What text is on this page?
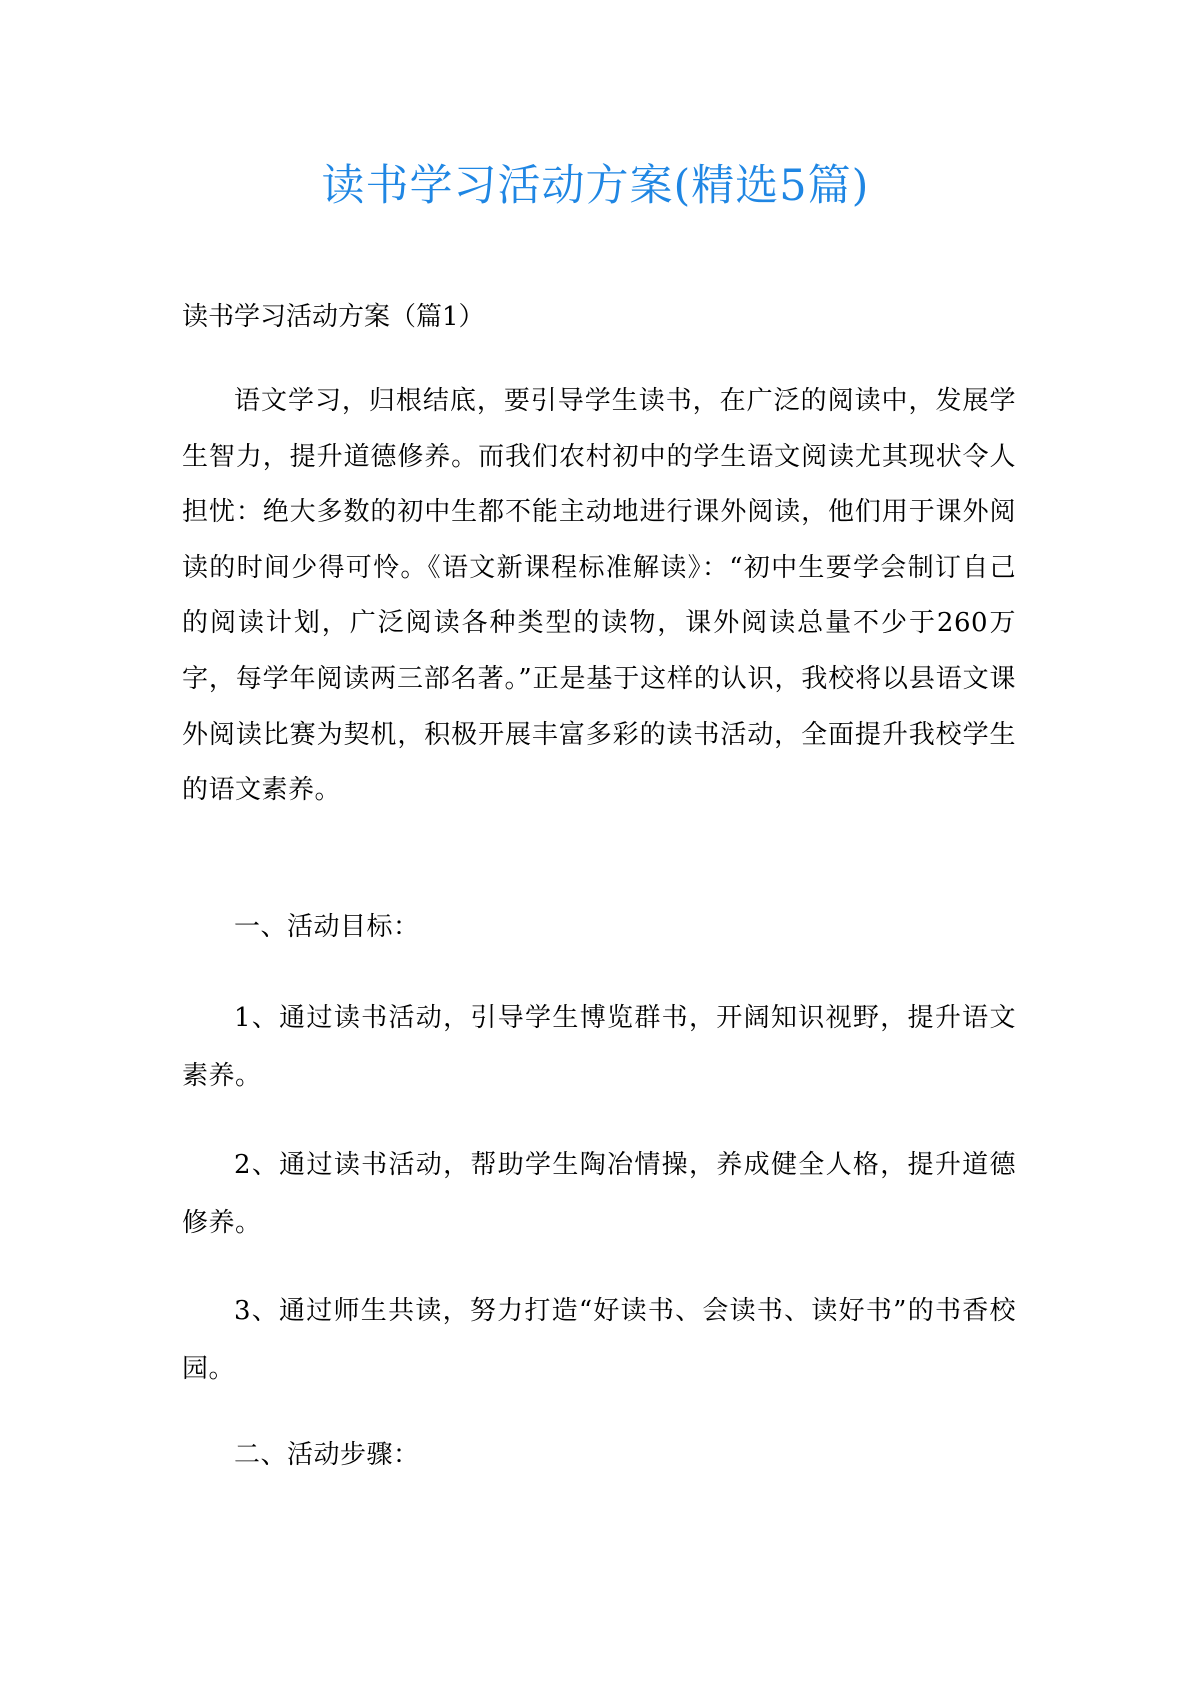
读书学习活动方案(精选5篇)
读书学习活动方案（篇1）
语文学习，归根结底，要引导学生读书，在广泛的阅读中，发展学生智力，提升道德修养。而我们农村初中的学生语文阅读尤其现状令人担忧：绝大多数的初中生都不能主动地进行课外阅读，他们用于课外阅读的时间少得可怜。《语文新课程标准解读》：“初中生要学会制订自己的阅读计划，广泛阅读各种类型的读物，课外阅读总量不少于260万字，每学年阅读两三部名著。”正是基于这样的认识，我校将以县语文课外阅读比赛为契机，积极开展丰富多彩的读书活动，全面提升我校学生的语文素养。
一、活动目标：
1、通过读书活动，引导学生博览群书，开阔知识视野，提升语文素养。
2、通过读书活动，帮助学生陶冶情操，养成健全人格，提升道德修养。
3、通过师生共读，努力打造“好读书、会读书、读好书”的书香校园。
二、活动步骤：
